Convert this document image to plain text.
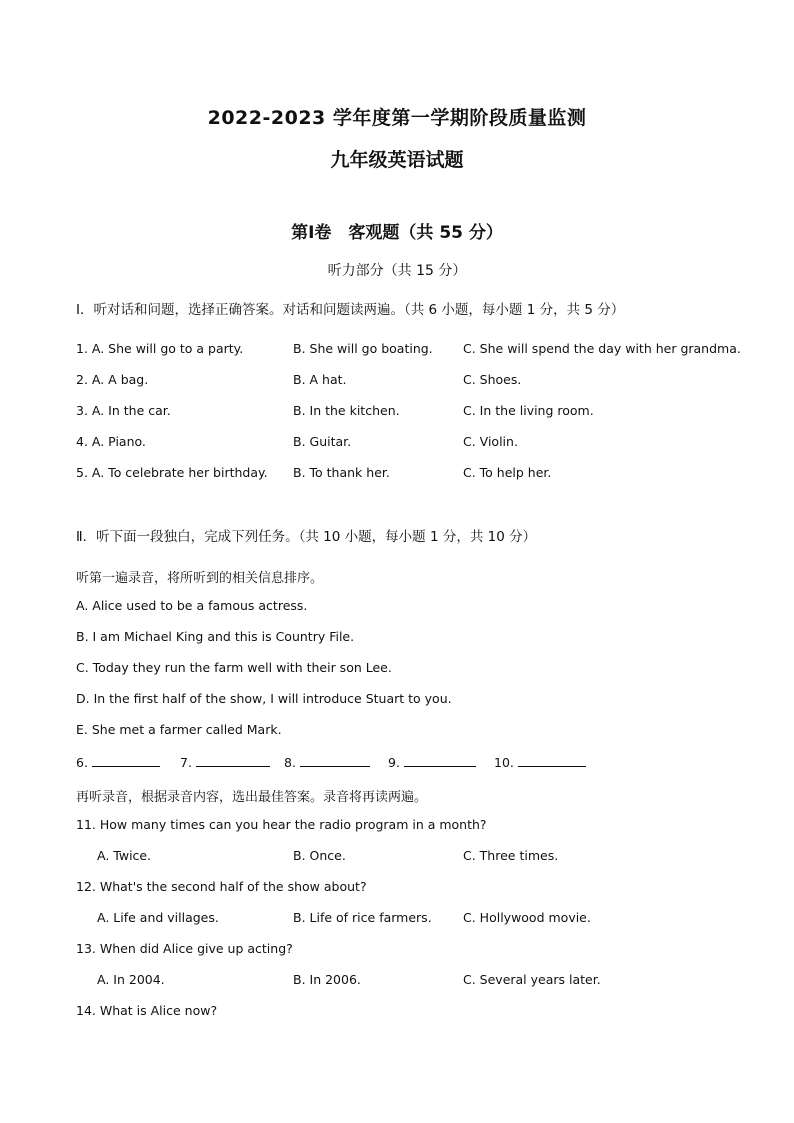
2022-2023 学年度第一学期阶段质量监测
九年级英语试题
第Ⅰ卷　客观题（共 55 分）
听力部分（共 15 分）
Ⅰ．听对话和问题，选择正确答案。对话和问题读两遍。（共 6 小题，每小题 1 分，共 5 分）
1. A. She will go to a party.	B. She will go boating. C. She will spend the day with her grandma.
2. A. A bag.	B. A hat.	C. Shoes.
3. A. In the car.	B. In the kitchen.	C. In the living room.
4. A. Piano.	B. Guitar.	C. Violin.
5. A. To celebrate her birthday. B. To thank her.	C. To help her.
Ⅱ．听下面一段独白，完成下列任务。（共 10 小题，每小题 1 分，共 10 分）
听第一遍录音，将所听到的相关信息排序。
A. Alice used to be a famous actress.
B. I am Michael King and this is Country File.
C. Today they run the farm well with their son Lee.
D. In the first half of the show, I will introduce Stuart to you.
E. She met a farmer called Mark.
6.	7.	8.	9.	10.
再听录音，根据录音内容，选出最佳答案。录音将再读两遍。
11. How many times can you hear the radio program in a month?
A. Twice.	B. Once.	C. Three times.
12. What's the second half of the show about?
A. Life and villages.	B. Life of rice farmers.	C. Hollywood movie.
13. When did Alice give up acting?
A. In 2004.	B. In 2006.	C. Several years later.
14. What is Alice now?
